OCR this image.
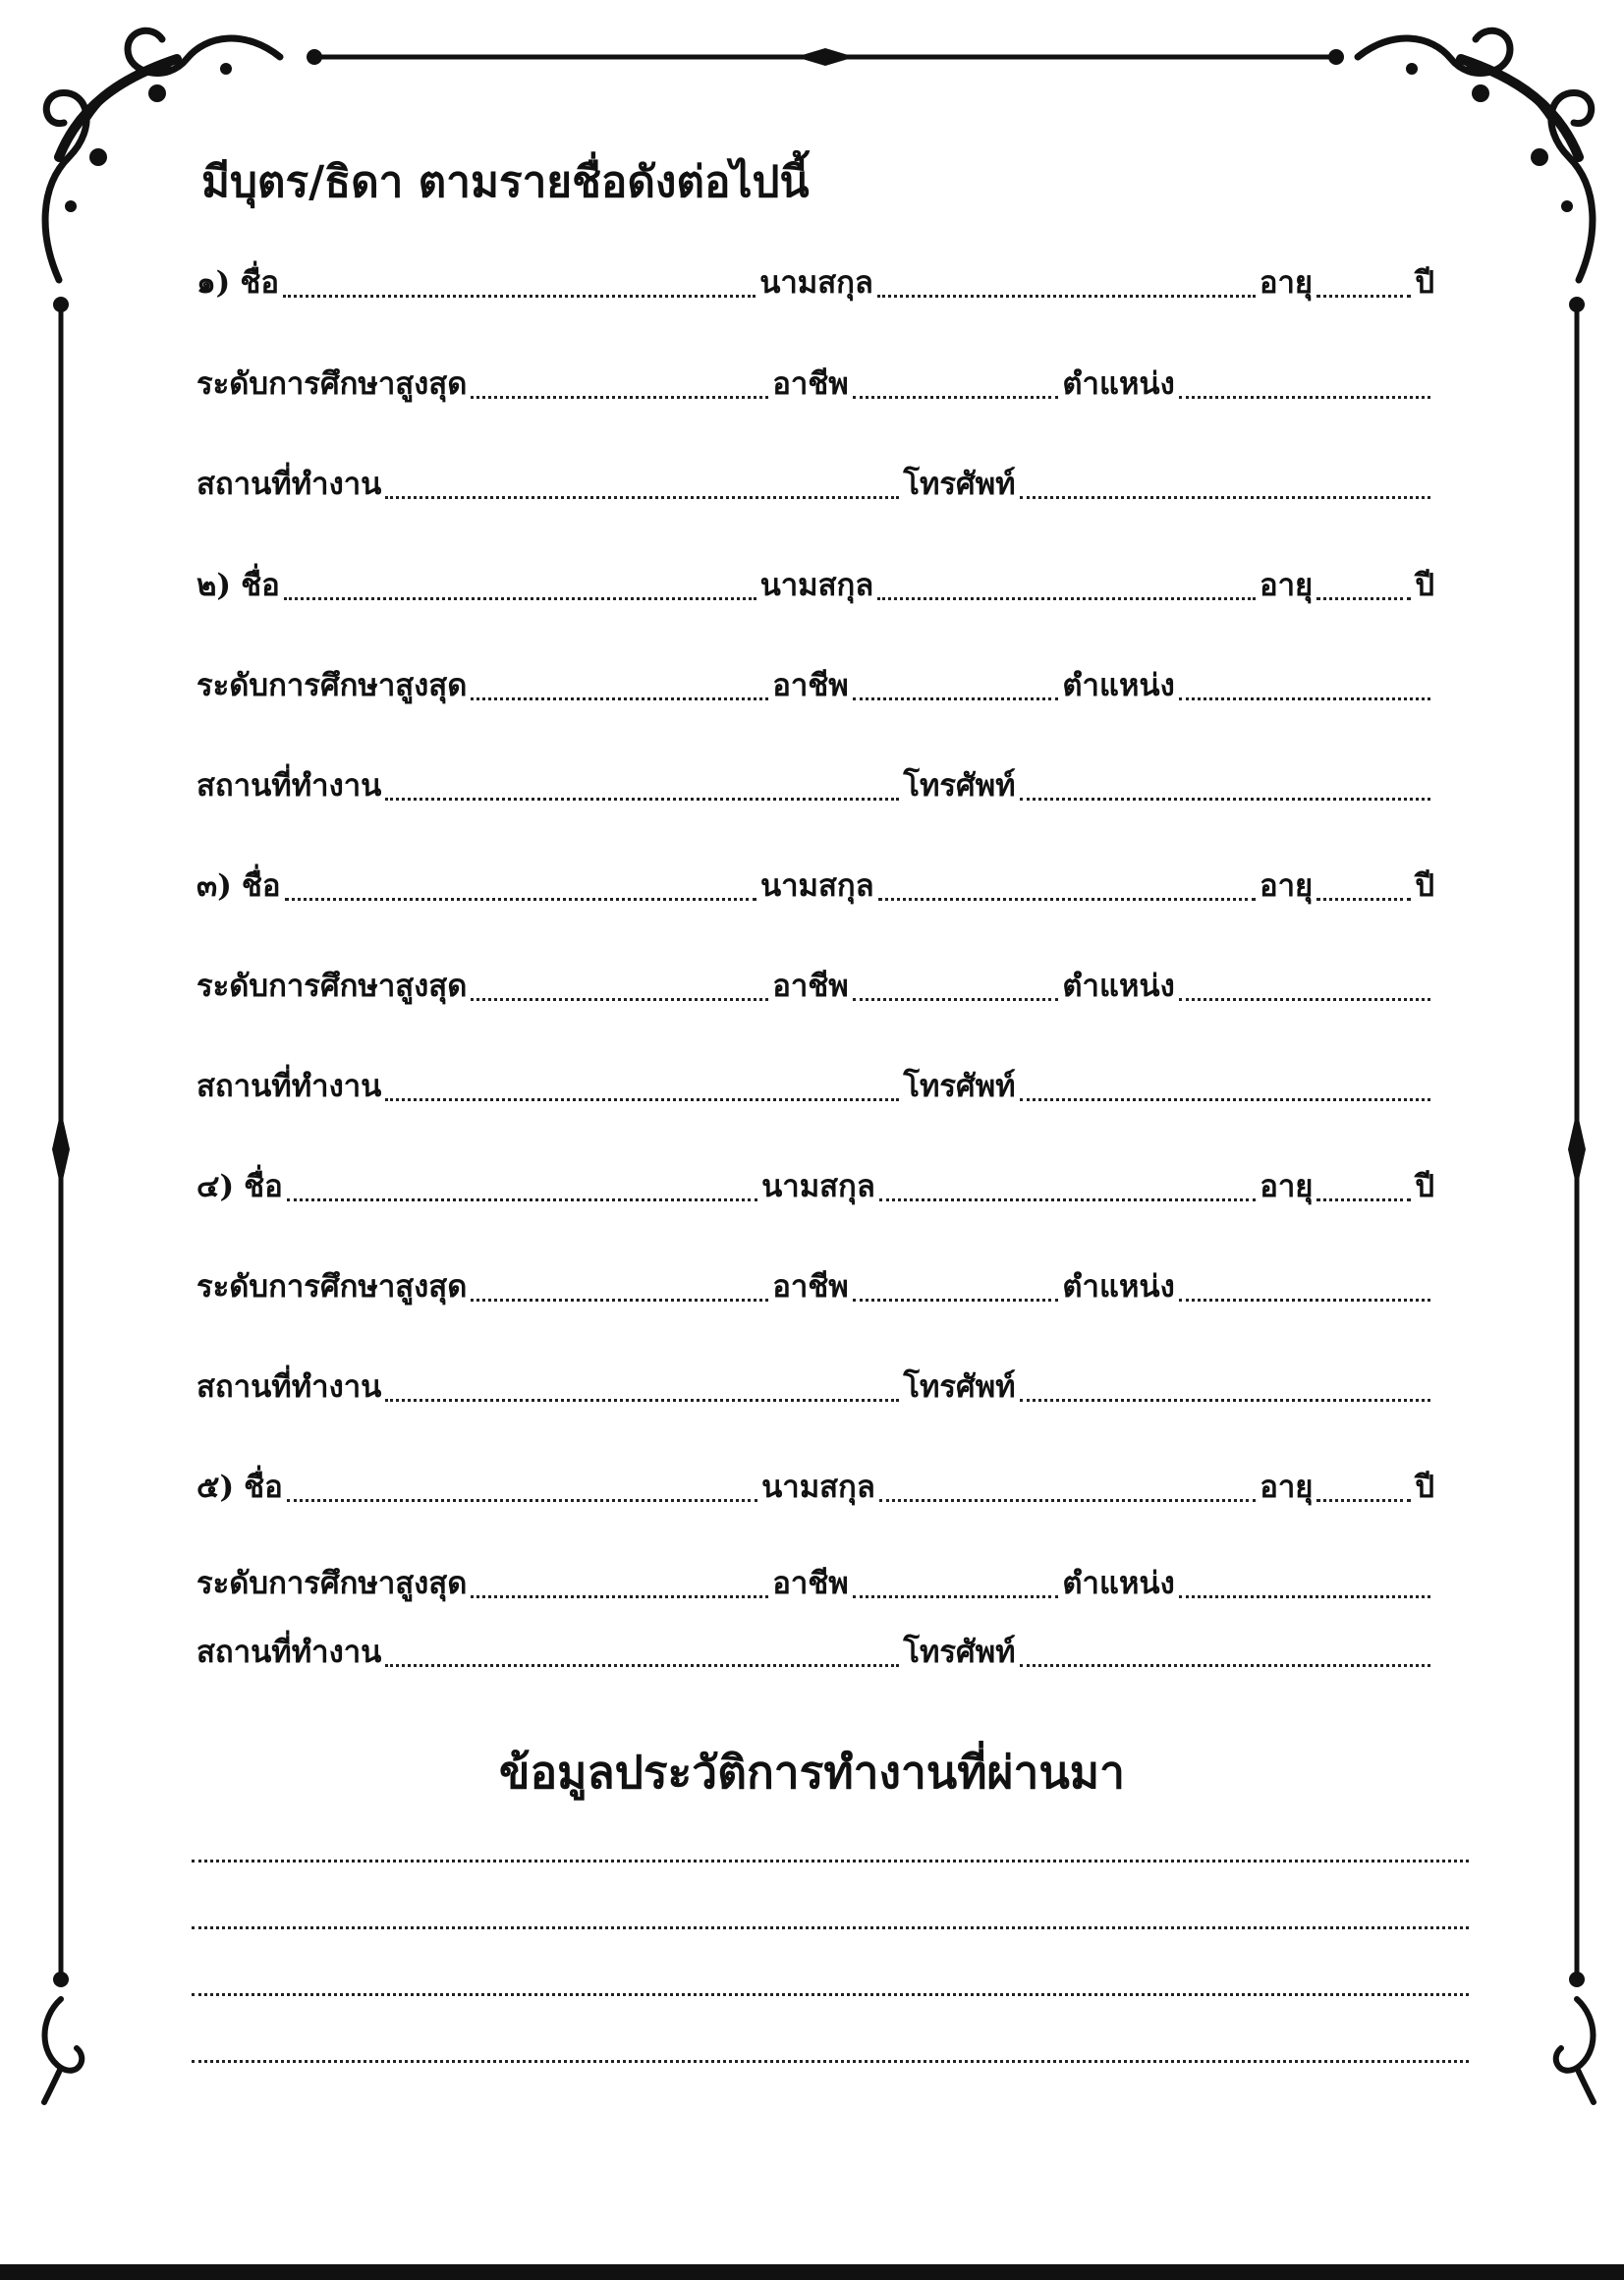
มีบุตร/ธิดา ตามรายชื่อดังต่อไปนี้
๑) ชื่อ	นามสกุล	อายุ	ปี
ระดับการศึกษาสูงสุด	อาชีพ	ตำแหน่ง
สถานที่ทำงาน	โทรศัพท์
๒) ชื่อ	นามสกุล	อายุ	ปี
ระดับการศึกษาสูงสุด	อาชีพ	ตำแหน่ง
สถานที่ทำงาน	โทรศัพท์
๓) ชื่อ	นามสกุล	อายุ	ปี
ระดับการศึกษาสูงสุด	อาชีพ	ตำแหน่ง
สถานที่ทำงาน	โทรศัพท์
๔) ชื่อ	นามสกุล	อายุ	ปี
ระดับการศึกษาสูงสุด	อาชีพ	ตำแหน่ง
สถานที่ทำงาน	โทรศัพท์
๕) ชื่อ	นามสกุล	อายุ	ปี
ระดับการศึกษาสูงสุด	อาชีพ	ตำแหน่ง
สถานที่ทำงาน	โทรศัพท์
ข้อมูลประวัติการทำงานที่ผ่านมา
